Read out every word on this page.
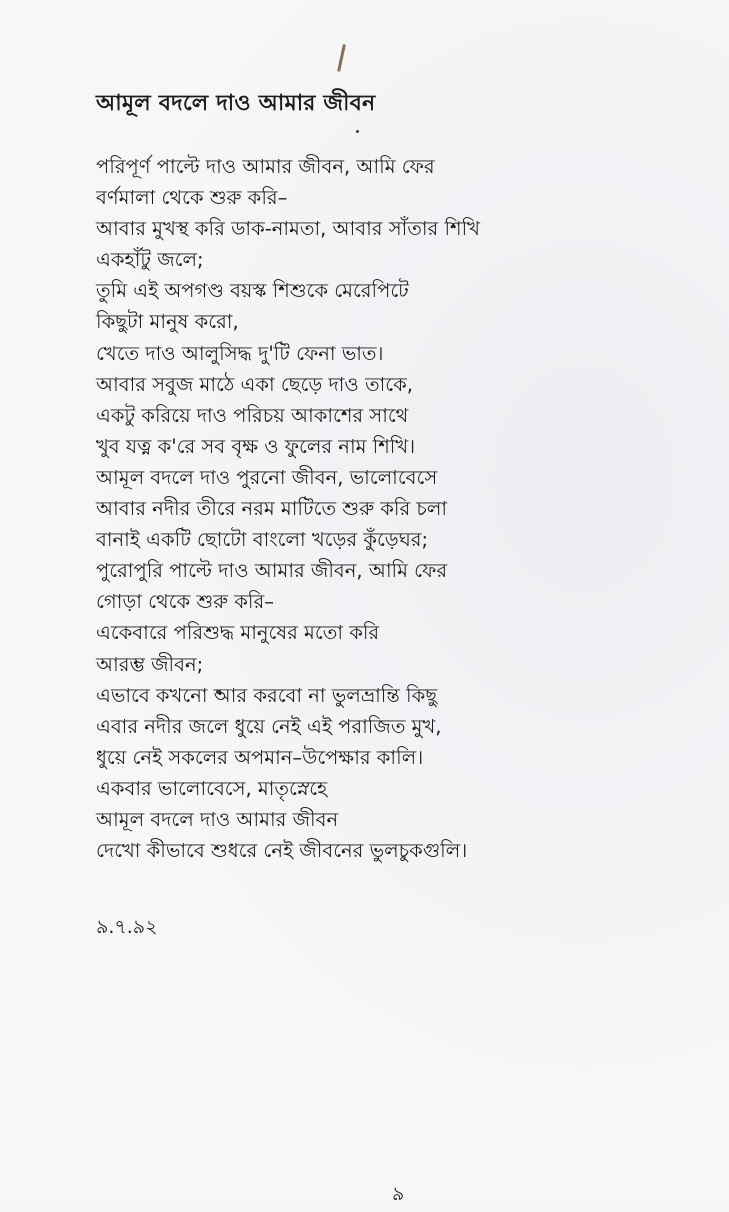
আমূল বদলে দাও আমার জীবন
পরিপূর্ণ পাল্টে দাও আমার জীবন, আমি ফের
বর্ণমালা থেকে শুরু করি–
আবার মুখস্থ করি ডাক-নামতা, আবার সাঁতার শিখি
একহাঁটু জলে;
তুমি এই অপগণ্ড বয়স্ক শিশুকে মেরেপিটে
কিছুটা মানুষ করো,
খেতে দাও আলুসিদ্ধ দু'টি ফেনা ভাত।
আবার সবুজ মাঠে একা ছেড়ে দাও তাকে,
একটু করিয়ে দাও পরিচয় আকাশের সাথে
খুব যত্ন ক'রে সব বৃক্ষ ও ফুলের নাম শিখি।
আমূল বদলে দাও পুরনো জীবন, ভালোবেসে
আবার নদীর তীরে নরম মাটিতে শুরু করি চলা
বানাই একটি ছোটো বাংলো খড়ের কুঁড়েঘর;
পুরোপুরি পাল্টে দাও আমার জীবন, আমি ফের
গোড়া থেকে শুরু করি–
একেবারে পরিশুদ্ধ মানুষের মতো করি
আরম্ভ জীবন;
এভাবে কখনো আর করবো না ভুলভ্রান্তি কিছু
এবার নদীর জলে ধুয়ে নেই এই পরাজিত মুখ,
ধুয়ে নেই সকলের অপমান–উপেক্ষার কালি।
একবার ভালোবেসে, মাতৃস্নেহে
আমূল বদলে দাও আমার জীবন
দেখো কীভাবে শুধরে নেই জীবনের ভুলচুকগুলি।
৯.৭.৯২
৯
